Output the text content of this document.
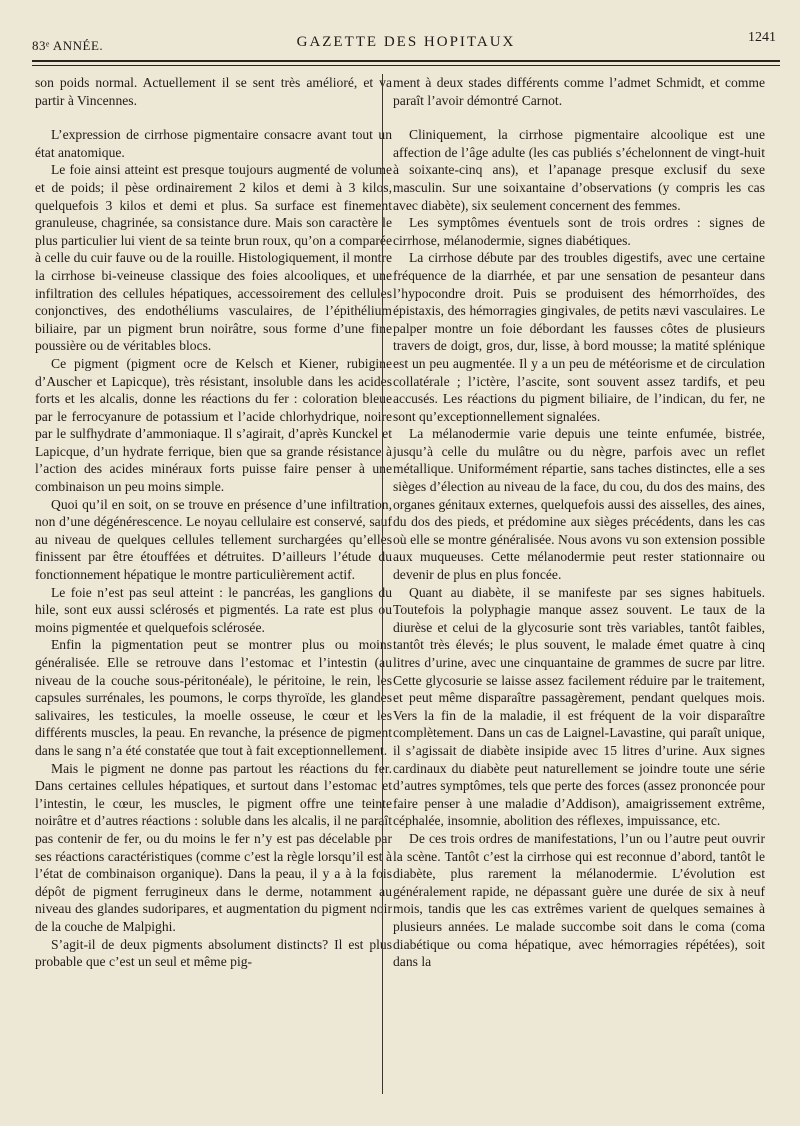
83ᵉ ANNÉE.	GAZETTE DES HOPITAUX	1241

son poids normal. Actuellement il se sent très amélioré, et va partir à Vincennes.

L’expression de cirrhose pigmentaire consacre avant tout un état anatomique.

Le foie ainsi atteint est presque toujours augmenté de volume et de poids; il pèse ordinairement 2 kilos et demi à 3 kilos, quelquefois 3 kilos et demi et plus. Sa surface est finement granuleuse, chagrinée, sa consistance dure. Mais son caractère le plus particulier lui vient de sa teinte brun roux, qu’on a comparée à celle du cuir fauve ou de la rouille. Histologiquement, il montre la cirrhose bi-veineuse classique des foies alcooliques, et une infiltration des cellules hépatiques, accessoirement des cellules conjonctives, des endothéliums vasculaires, de l’épithélium biliaire, par un pigment brun noirâtre, sous forme d’une fine poussière ou de véritables blocs.

Ce pigment (pigment ocre de Kelsch et Kiener, rubigine d’Auscher et Lapicque), très résistant, insoluble dans les acides forts et les alcalis, donne les réactions du fer : coloration bleue par le ferrocyanure de potassium et l’acide chlorhydrique, noire par le sulfhydrate d’ammoniaque. Il s’agirait, d’après Kunckel et Lapicque, d’un hydrate ferrique, bien que sa grande résistance à l’action des acides minéraux forts puisse faire penser à une combinaison un peu moins simple.

Quoi qu’il en soit, on se trouve en présence d’une infiltration, non d’une dégénérescence. Le noyau cellulaire est conservé, sauf au niveau de quelques cellules tellement surchargées qu’elles finissent par être étouffées et détruites. D’ailleurs l’étude du fonctionnement hépatique le montre particulièrement actif.

Le foie n’est pas seul atteint : le pancréas, les ganglions du hile, sont eux aussi sclérosés et pigmentés. La rate est plus ou moins pigmentée et quelquefois sclérosée.

Enfin la pigmentation peut se montrer plus ou moins généralisée. Elle se retrouve dans l’estomac et l’intestin (au niveau de la couche sous-péritonéale), le péritoine, le rein, les capsules surrénales, les poumons, le corps thyroïde, les glandes salivaires, les testicules, la moelle osseuse, le cœur et les différents muscles, la peau. En revanche, la présence de pigment dans le sang n’a été constatée que tout à fait exceptionnellement.

Mais le pigment ne donne pas partout les réactions du fer. Dans certaines cellules hépatiques, et surtout dans l’estomac et l’intestin, le cœur, les muscles, le pigment offre une teinte noirâtre et d’autres réactions : soluble dans les alcalis, il ne paraît pas contenir de fer, ou du moins le fer n’y est pas décelable par ses réactions caractéristiques (comme c’est la règle lorsqu’il est à l’état de combinaison organique). Dans la peau, il y a à la fois dépôt de pigment ferrugineux dans le derme, notamment au niveau des glandes sudoripares, et augmentation du pigment noir de la couche de Malpighi.

S’agit-il de deux pigments absolument distincts? Il est plus probable que c’est un seul et même pig-

ment à deux stades différents comme l’admet Schmidt, et comme paraît l’avoir démontré Carnot.

Cliniquement, la cirrhose pigmentaire alcoolique est une affection de l’âge adulte (les cas publiés s’échelonnent de vingt-huit à soixante-cinq ans), et l’apanage presque exclusif du sexe masculin. Sur une soixantaine d’observations (y compris les cas avec diabète), six seulement concernent des femmes.

Les symptômes éventuels sont de trois ordres : signes de cirrhose, mélanodermie, signes diabétiques.

La cirrhose débute par des troubles digestifs, avec une certaine fréquence de la diarrhée, et par une sensation de pesanteur dans l’hypocondre droit. Puis se produisent des hémorrhoïdes, des épistaxis, des hémorragies gingivales, de petits nævi vasculaires. Le palper montre un foie débordant les fausses côtes de plusieurs travers de doigt, gros, dur, lisse, à bord mousse; la matité splénique est un peu augmentée. Il y a un peu de météorisme et de circulation collatérale ; l’ictère, l’ascite, sont souvent assez tardifs, et peu accusés. Les réactions du pigment biliaire, de l’indican, du fer, ne sont qu’exceptionnellement signalées.

La mélanodermie varie depuis une teinte enfumée, bistrée, jusqu’à celle du mulâtre ou du nègre, parfois avec un reflet métallique. Uniformément répartie, sans taches distinctes, elle a ses sièges d’élection au niveau de la face, du cou, du dos des mains, des organes génitaux externes, quelquefois aussi des aisselles, des aines, du dos des pieds, et prédomine aux sièges précédents, dans les cas où elle se montre généralisée. Nous avons vu son extension possible aux muqueuses. Cette mélanodermie peut rester stationnaire ou devenir de plus en plus foncée.

Quant au diabète, il se manifeste par ses signes habituels. Toutefois la polyphagie manque assez souvent. Le taux de la diurèse et celui de la glycosurie sont très variables, tantôt faibles, tantôt très élevés; le plus souvent, le malade émet quatre à cinq litres d’urine, avec une cinquantaine de grammes de sucre par litre. Cette glycosurie se laisse assez facilement réduire par le traitement, et peut même disparaître passagèrement, pendant quelques mois. Vers la fin de la maladie, il est fréquent de la voir disparaître complètement. Dans un cas de Laignel-Lavastine, qui paraît unique, il s’agissait de diabète insipide avec 15 litres d’urine. Aux signes cardinaux du diabète peut naturellement se joindre toute une série d’autres symptômes, tels que perte des forces (assez prononcée pour faire penser à une maladie d’Addison), amaigrissement extrême, céphalée, insomnie, abolition des réflexes, impuissance, etc.

De ces trois ordres de manifestations, l’un ou l’autre peut ouvrir la scène. Tantôt c’est la cirrhose qui est reconnue d’abord, tantôt le diabète, plus rarement la mélanodermie. L’évolution est généralement rapide, ne dépassant guère une durée de six à neuf mois, tandis que les cas extrêmes varient de quelques semaines à plusieurs années. Le malade succombe soit dans le coma (coma diabétique ou coma hépatique, avec hémorragies répétées), soit dans la
